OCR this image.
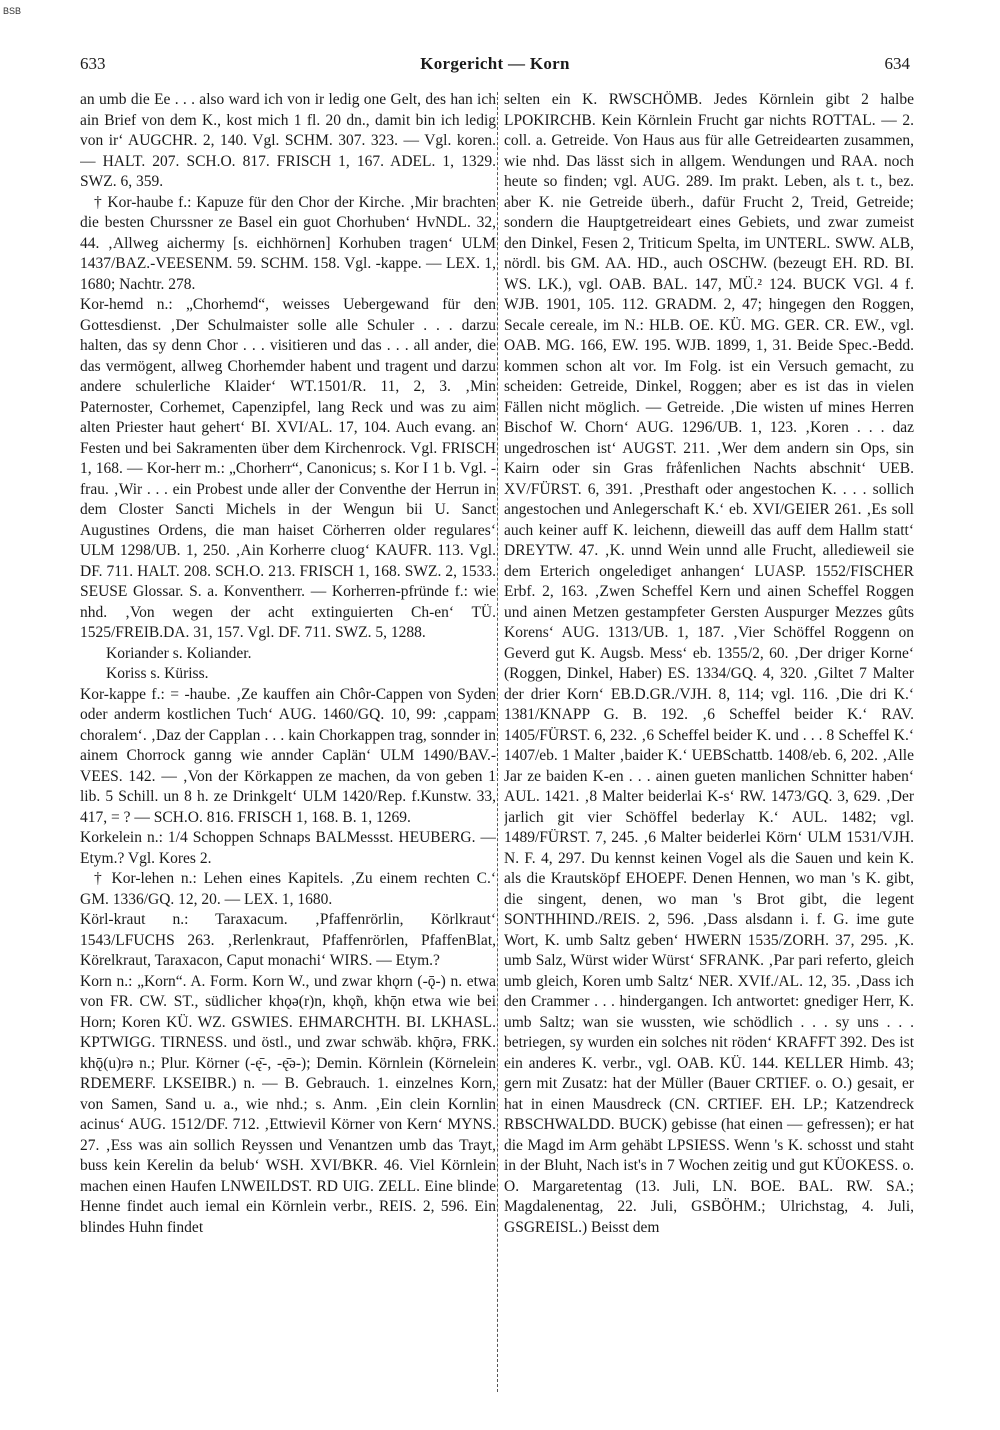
BSB
633	Korgericht — Korn	634

an umb die Ee . . . also ward ich von ir ledig one Gelt, des han ich ain Brief von dem K., kost mich 1 fl. 20 dn., damit bin ich ledig von ir‘ AUGCHR. 2, 140. Vgl. SCHM. 307. 323. — Vgl. koren. — HALT. 207. SCH.O. 817. FRISCH 1, 167. ADEL. 1, 1329. SWZ. 6, 359.

† Kor-haube f.: Kapuze für den Chor der Kirche. ‚Mir brachten die besten Churssner ze Basel ein guot Chorhuben‘ HvNDL. 32, 44. ‚Allweg aichermy [s. eichhörnen] Korhuben tragen‘ ULM 1437/BAZ.-VEESENM. 59. SCHM. 158. Vgl. -kappe. — LEX. 1, 1680; Nachtr. 278.

Kor-hemd n.: „Chorhemd“, weisses Uebergewand für den Gottesdienst. ‚Der Schulmaister solle alle Schuler . . . darzu halten, das sy denn Chor . . . visitieren und das . . . all ander, die das vermögent, allweg Chorhemder habent und tragent und darzu andere schulerliche Klaider‘ WT.1501/R. 11, 2, 3. ‚Min Paternoster, Corhemet, Capenzipfel, lang Reck und was zu aim alten Priester haut gehert‘ BI. XVI/AL. 17, 104. Auch evang. an Festen und bei Sakramenten über dem Kirchenrock. Vgl. FRISCH 1, 168. — Kor-herr m.: „Chorherr“, Canonicus; s. Kor I 1 b. Vgl. -frau. ‚Wir . . . ein Probest unde aller der Conventhe der Herrun in dem Closter Sancti Michels in der Wengun bii U. Sanct Augustines Ordens, die man haiset Cörherren older regulares‘ ULM 1298/UB. 1, 250. ‚Ain Korherre cluog‘ KAUFR. 113. Vgl. DF. 711. HALT. 208. SCH.O. 213. FRISCH 1, 168. SWZ. 2, 1533. SEUSE Glossar. S. a. Konventherr. — Korherren-pfründe f.: wie nhd. ‚Von wegen der acht extinguierten Ch-en‘ TÜ. 1525/FREIB.DA. 31, 157. Vgl. DF. 711. SWZ. 5, 1288.

Koriander s. Koliander.

Koriss s. Küriss.

Kor-kappe f.: = -haube. ‚Ze kauffen ain Chôr-Cappen von Syden oder anderm kostlichen Tuch‘ AUG. 1460/GQ. 10, 99: ‚cappam choralem‘. ‚Daz der Capplan . . . kain Chorkappen trag, sonnder in ainem Chorrock ganng wie annder Caplän‘ ULM 1490/BAV.-VEES. 142. — ‚Von der Körkappen ze machen, da von geben 1 lib. 5 Schill. un 8 h. ze Drinkgelt‘ ULM 1420/Rep. f.Kunstw. 33, 417, = ? — SCH.O. 816. FRISCH 1, 168. B. 1, 1269.

Korkelein n.: 1/4 Schoppen Schnaps BALMessst. HEUBERG. — Etym.? Vgl. Kores 2.

† Kor-lehen n.: Lehen eines Kapitels. ‚Zu einem rechten C.‘ GM. 1336/GQ. 12, 20. — LEX. 1, 1680.

Körl-kraut n.: Taraxacum. ‚Pfaffenrörlin, Körlkraut‘ 1543/LFUCHS 263. ‚Rerlenkraut, Pfaffenrörlen, PfaffenBlat, Körelkraut, Taraxacon, Caput monachi‘ WIRS. — Etym.?

Korn n.: „Korn“. A. Form. Korn W., und zwar khǫrn (-ǭ-) n. etwa von FR. CW. ST., südlicher khǫə(r)n, khǫ̃n, khǭn etwa wie bei Horn; Koren KÜ. WZ. GSWIES. EHMARCHTH. BI. LKHASL. KPTWIGG. TIRNESS. und östl., und zwar schwäb. khǭrə, FRK. khǭ(u)rə n.; Plur. Körner (-ę̄-, -ę̄ə-); Demin. Körnlein (Körnelein RDEMERF. LKSEIBR.) n. — B. Gebrauch. 1. einzelnes Korn, von Samen, Sand u. a., wie nhd.; s. Anm. ‚Ein clein Kornlin acinus‘ AUG. 1512/DF. 712. ‚Ettwievil Körner von Kern‘ MYNS. 27. ‚Ess was ain sollich Reyssen und Venantzen umb das Trayt, buss kein Kerelin da belub‘ WSH. XVI/BKR. 46. Viel Körnlein machen einen Haufen LNWEILDST. RD UIG. ZELL. Eine blinde Henne findet auch iemal ein Körnlein verbr., REIS. 2, 596. Ein blindes Huhn findet

selten ein K. RWSCHÖMB. Jedes Körnlein gibt 2 halbe LPOKIRCHB. Kein Körnlein Frucht gar nichts ROTTAL. — 2. coll. a. Getreide. Von Haus aus für alle Getreidearten zusammen, wie nhd. Das lässt sich in allgem. Wendungen und RAA. noch heute so finden; vgl. AUG. 289. Im prakt. Leben, als t. t., bez. aber K. nie Getreide überh., dafür Frucht 2, Treid, Getreide; sondern die Hauptgetreideart eines Gebiets, und zwar zumeist den Dinkel, Fesen 2, Triticum Spelta, im UNTERL. SWW. ALB, nördl. bis GM. AA. HD., auch OSCHW. (bezeugt EH. RD. BI. WS. LK.), vgl. OAB. BAL. 147, MÜ.² 124. BUCK VGl. 4 f. WJB. 1901, 105. 112. GRADM. 2, 47; hingegen den Roggen, Secale cereale, im N.: HLB. OE. KÜ. MG. GER. CR. EW., vgl. OAB. MG. 166, EW. 195. WJB. 1899, 1, 31. Beide Spec.-Bedd. kommen schon alt vor. Im Folg. ist ein Versuch gemacht, zu scheiden: Getreide, Dinkel, Roggen; aber es ist das in vielen Fällen nicht möglich. — Getreide. ‚Die wisten uf mines Herren Bischof W. Chorn‘ AUG. 1296/UB. 1, 123. ‚Koren . . . daz ungedroschen ist‘ AUGST. 211. ‚Wer dem andern sin Ops, sin Kairn oder sin Gras fråfenlichen Nachts abschnit‘ UEB. XV/FÜRST. 6, 391. ‚Presthaft oder angestochen K. . . . sollich angestochen und Anlegerschaft K.‘ eb. XVI/GEIER 261. ‚Es soll auch keiner auff K. leichenn, dieweill das auff dem Hallm statt‘ DREYTW. 47. ‚K. unnd Wein unnd alle Frucht, alledieweil sie dem Erterich ongelediget anhangen‘ LUASP. 1552/FISCHER Erbf. 2, 163. ‚Zwen Scheffel Kern und ainen Scheffel Roggen und ainen Metzen gestampfeter Gersten Auspurger Mezzes gûts Korens‘ AUG. 1313/UB. 1, 187. ‚Vier Schöffel Roggenn on Geverd gut K. Augsb. Mess‘ eb. 1355/2, 60. ‚Der driger Korne‘ (Roggen, Dinkel, Haber) ES. 1334/GQ. 4, 320. ‚Giltet 7 Malter der drier Korn‘ EB.D.GR./VJH. 8, 114; vgl. 116. ‚Die dri K.‘ 1381/KNAPP G. B. 192. ‚6 Scheffel beider K.‘ RAV. 1405/FÜRST. 6, 232. ‚6 Scheffel beider K. und . . . 8 Scheffel K.‘ 1407/eb. 1 Malter ‚baider K.‘ UEBSchattb. 1408/eb. 6, 202. ‚Alle Jar ze baiden K-en . . . ainen gueten manlichen Schnitter haben‘ AUL. 1421. ‚8 Malter beiderlai K-s‘ RW. 1473/GQ. 3, 629. ‚Der jarlich git vier Schöffel bederlay K.‘ AUL. 1482; vgl. 1489/FÜRST. 7, 245. ‚6 Malter beiderlei Körn‘ ULM 1531/VJH. N. F. 4, 297. Du kennst keinen Vogel als die Sauen und kein K. als die Krautsköpf EHOEPF. Denen Hennen, wo man 's K. gibt, die singent, denen, wo man 's Brot gibt, die legent SONTHHIND./REIS. 2, 596. ‚Dass alsdann i. f. G. ime gute Wort, K. umb Saltz geben‘ HWERN 1535/ZORH. 37, 295. ‚K. umb Salz, Würst wider Würst‘ SFRANK. ‚Par pari referto, gleich umb gleich, Koren umb Saltz‘ NER. XVIf./AL. 12, 35. ‚Dass ich den Crammer . . . hindergangen. Ich antwortet: gnediger Herr, K. umb Saltz; wan sie wussten, wie schödlich . . . sy uns . . . betriegen, sy wurden ein solches nit röden‘ KRAFFT 392. Des ist ein anderes K. verbr., vgl. OAB. KÜ. 144. KELLER Himb. 43; gern mit Zusatz: hat der Müller (Bauer CRTIEF. o. O.) gesait, er hat in einen Mausdreck (CN. CRTIEF. EH. LP.; Katzendreck RBSCHWALDD. BUCK) gebisse (hat einen — gefressen); er hat die Magd im Arm gehäbt LPSIESS. Wenn 's K. schosst und staht in der Bluht, Nach ist's in 7 Wochen zeitig und gut KÜOKESS. o. O. Margaretentag (13. Juli, LN. BOE. BAL. RW. SA.; Magdalenentag, 22. Juli, GSBÖHM.; Ulrichstag, 4. Juli, GSGREISL.) Beisst dem
